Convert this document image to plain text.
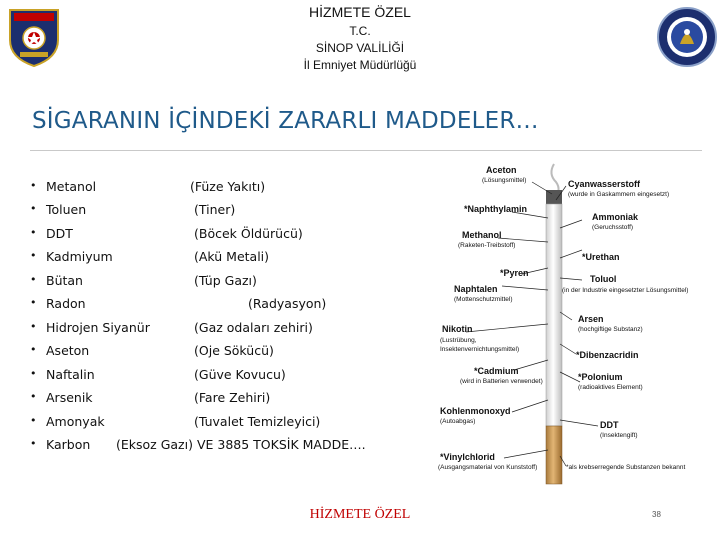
HİZMETE ÖZEL
T.C.
SİNOP VALİLİĞİ
İl Emniyet Müdürlüğü
SİGARANIN İÇİNDEKİ ZARARLI MADDELER…
• Metanol	(Füze Yakıtı)
• Toluen	(Tiner)
• DDT	(Böcek Öldürücü)
• Kadmiyum	(Akü Metali)
• Bütan	(Tüp Gazı)
• Radon	(Radyasyon)
• Hidrojen Siyanür	(Gaz odaları zehiri)
• Aseton	(Oje Sökücü)
• Naftalin	(Güve Kovucu)
• Arsenik	(Fare Zehiri)
• Amonyak	(Tuvalet Temizleyici)
• Karbon (Eksoz Gazı) VE 3885 TOKSİK MADDE….
Aceton
(Lösungsmittel)	Cyanwasserstoff
(wurde in Gaskammern eingesetzt)
*Naphthylamin
Ammoniak
(Geruchsstoff)
Methanol
(Raketen-Treibstoff)
*Urethan
*Pyren
Toluol
(in der Industrie eingesetzter Lösungsmittel)
Naphtalen
(Mottenschutzmittel)
Arsen
(hochgiftige Substanz)
Nikotin
(Lustrübung,
Insektenvernichtungsmittel)
*Dibenzacridin
*Cadmium
(wird in Batterien verwendet)	*Polonium
(radioaktives Element)
Kohlenmonoxyd
(Autoabgas)	DDT
(Insektengift)
*Vinylchlorid
(Ausgangsmaterial von Kunststoff)	*als krebserregende Substanzen bekannt
HİZMETE ÖZEL	38
